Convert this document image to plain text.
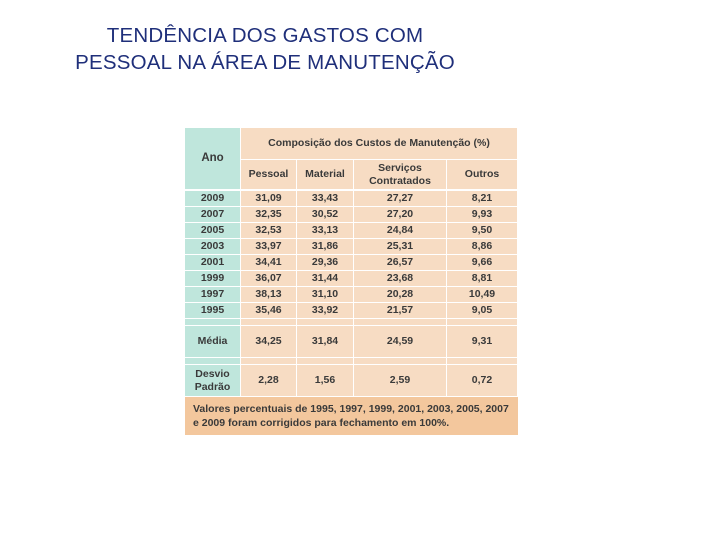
TENDÊNCIA DOS GASTOS COM
PESSOAL NA ÁREA DE MANUTENÇÃO
Ano	Composição dos Custos de Manutenção (%)			
	Pessoal	Material	Serviços Contratados	Outros
2009	31,09	33,43	27,27	8,21
2007	32,35	30,52	27,20	9,93
2005	32,53	33,13	24,84	9,50
2003	33,97	31,86	25,31	8,86
2001	34,41	29,36	26,57	9,66
1999	36,07	31,44	23,68	8,81
1997	38,13	31,10	20,28	10,49
1995	35,46	33,92	21,57	9,05

Média	34,25	31,84	24,59	9,31

Desvio
Padrão	2,28	1,56	2,59	0,72
Valores percentuais de 1995, 1997, 1999, 2001, 2003, 2005, 2007 e 2009 foram corrigidos para fechamento em 100%.
